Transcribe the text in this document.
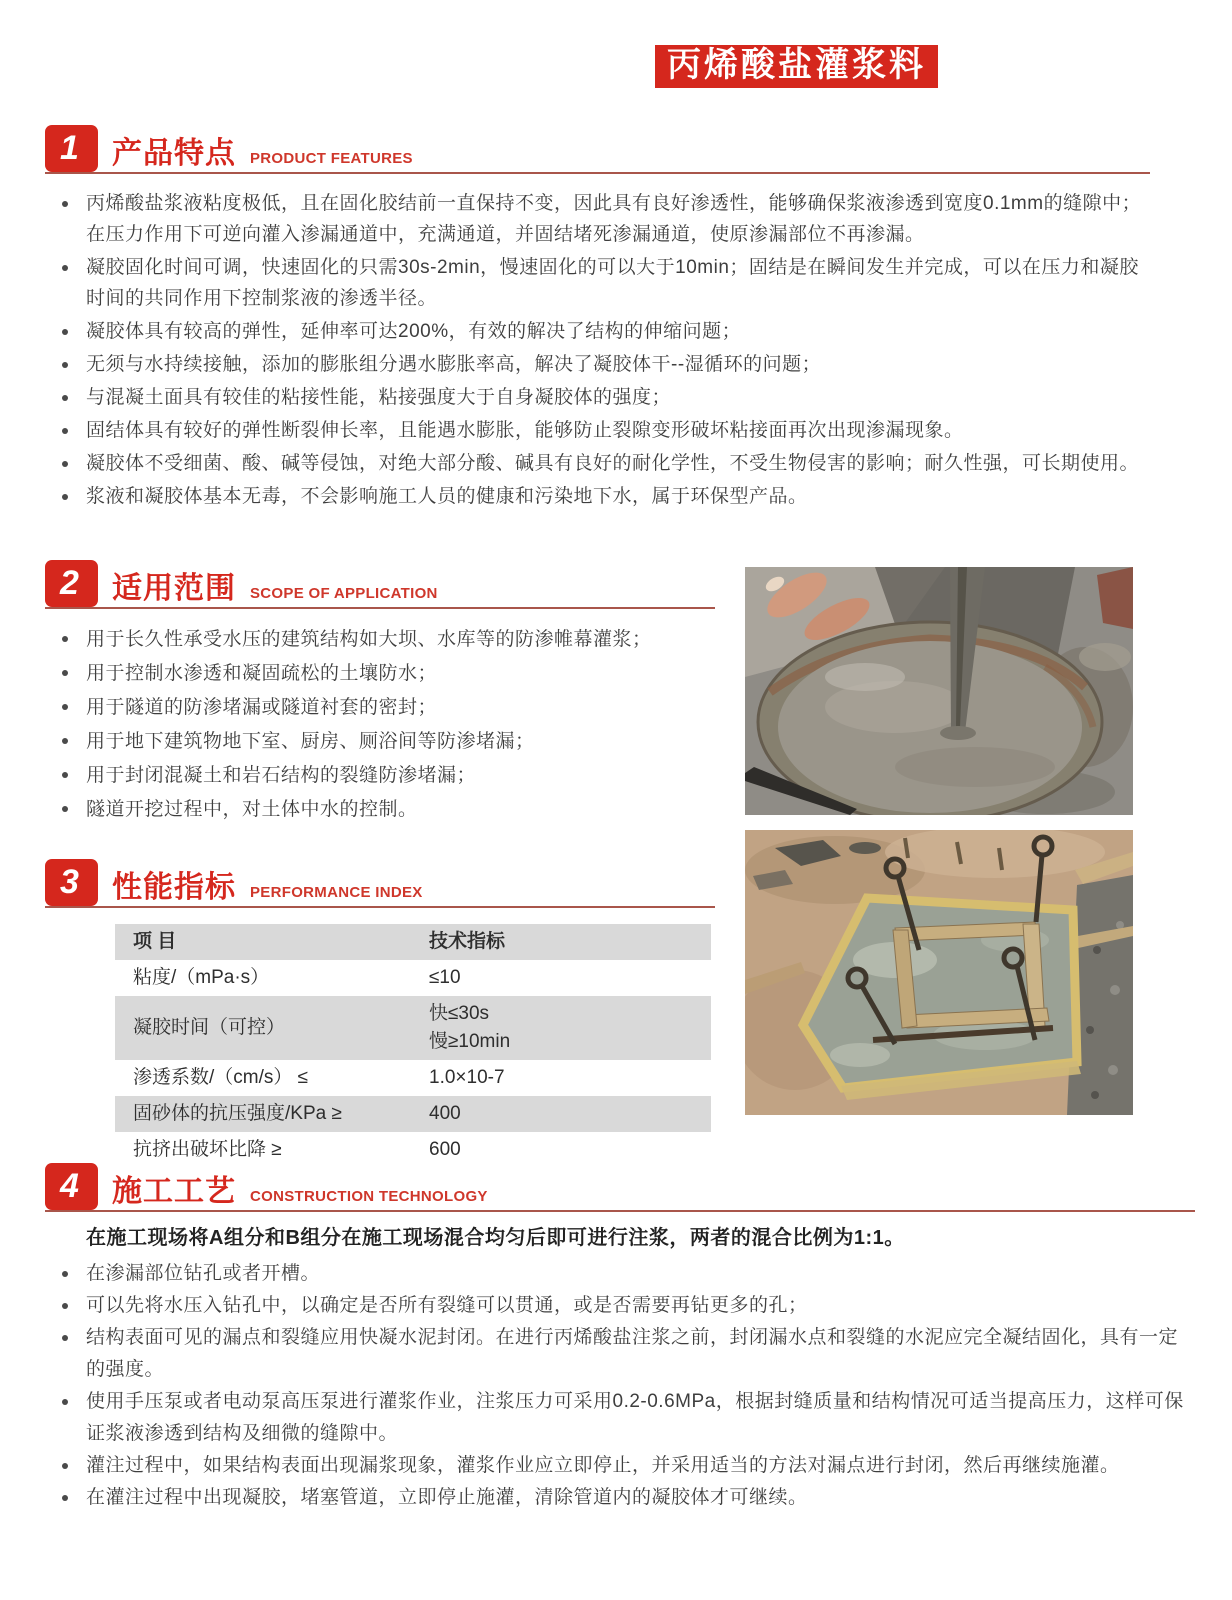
丙烯酸盐灌浆料
1	产品特点 PRODUCT FEATURES
丙烯酸盐浆液粘度极低，且在固化胶结前一直保持不变，因此具有良好渗透性，能够确保浆液渗透到宽度0.1mm的缝隙中；在压力作用下可逆向灌入渗漏通道中，充满通道，并固结堵死渗漏通道，使原渗漏部位不再渗漏。
凝胶固化时间可调，快速固化的只需30s-2min，慢速固化的可以大于10min；固结是在瞬间发生并完成，可以在压力和凝胶时间的共同作用下控制浆液的渗透半径。
凝胶体具有较高的弹性，延伸率可达200%，有效的解决了结构的伸缩问题；
无须与水持续接触，添加的膨胀组分遇水膨胀率高，解决了凝胶体干--湿循环的问题；
与混凝土面具有较佳的粘接性能，粘接强度大于自身凝胶体的强度；
固结体具有较好的弹性断裂伸长率，且能遇水膨胀，能够防止裂隙变形破坏粘接面再次出现渗漏现象。
凝胶体不受细菌、酸、碱等侵蚀，对绝大部分酸、碱具有良好的耐化学性，不受生物侵害的影响；耐久性强，可长期使用。
浆液和凝胶体基本无毒，不会影响施工人员的健康和污染地下水，属于环保型产品。
2	适用范围 SCOPE OF APPLICATION
用于长久性承受水压的建筑结构如大坝、水库等的防渗帷幕灌浆；
用于控制水渗透和凝固疏松的土壤防水；
用于隧道的防渗堵漏或隧道衬套的密封；
用于地下建筑物地下室、厨房、厕浴间等防渗堵漏；
用于封闭混凝土和岩石结构的裂缝防渗堵漏；
隧道开挖过程中，对土体中水的控制。
3	性能指标 PERFORMANCE INDEX
项 目	技术指标
粘度/（mPa·s）	≤10
凝胶时间（可控）	快≤30s
慢≥10min

渗透系数/（cm/s） ≤	1.0×10-7
固砂体的抗压强度/KPa ≥	400
抗挤出破坏比降 ≥	600
4	施工工艺 CONSTRUCTION TECHNOLOGY

在施工现场将A组分和B组分在施工现场混合均匀后即可进行注浆，两者的混合比例为1:1。

在渗漏部位钻孔或者开槽。
可以先将水压入钻孔中，以确定是否所有裂缝可以贯通，或是否需要再钻更多的孔；
结构表面可见的漏点和裂缝应用快凝水泥封闭。在进行丙烯酸盐注浆之前，封闭漏水点和裂缝的水泥应完全凝结固化，具有一定的强度。
使用手压泵或者电动泵高压泵进行灌浆作业，注浆压力可采用0.2-0.6MPa，根据封缝质量和结构情况可适当提高压力，这样可保证浆液渗透到结构及细微的缝隙中。
灌注过程中，如果结构表面出现漏浆现象，灌浆作业应立即停止，并采用适当的方法对漏点进行封闭，然后再继续施灌。
在灌注过程中出现凝胶，堵塞管道，立即停止施灌，清除管道内的凝胶体才可继续。
